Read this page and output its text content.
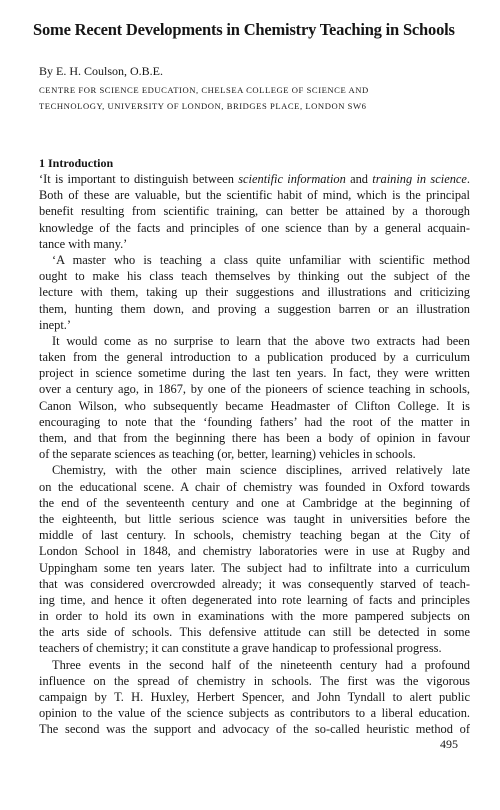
Some Recent Developments in Chemistry Teaching in Schools

By E. H. Coulson, O.B.E.

CENTRE FOR SCIENCE EDUCATION, CHELSEA COLLEGE OF SCIENCE AND
TECHNOLOGY, UNIVERSITY OF LONDON, BRIDGES PLACE, LONDON SW6
1 Introduction
‘It is important to distinguish between scientific information and training in science.
Both of these are valuable, but the scientific habit of mind, which is the principal
benefit resulting from scientific training, can better be attained by a thorough
knowledge of the facts and principles of one science than by a general acquain-
tance with many.’
‘A master who is teaching a class quite unfamiliar with scientific method
ought to make his class teach themselves by thinking out the subject of the
lecture with them, taking up their suggestions and illustrations and criticizing
them, hunting them down, and proving a suggestion barren or an illustration
inept.’
It would come as no surprise to learn that the above two extracts had been
taken from the general introduction to a publication produced by a curriculum
project in science sometime during the last ten years. In fact, they were written
over a century ago, in 1867, by one of the pioneers of science teaching in schools,
Canon Wilson, who subsequently became Headmaster of Clifton College. It is
encouraging to note that the ‘founding fathers’ had the root of the matter in
them, and that from the beginning there has been a body of opinion in favour
of the separate sciences as teaching (or, better, learning) vehicles in schools.
Chemistry, with the other main science disciplines, arrived relatively late
on the educational scene. A chair of chemistry was founded in Oxford towards
the end of the seventeenth century and one at Cambridge at the beginning of
the eighteenth, but little serious science was taught in universities before the
middle of last century. In schools, chemistry teaching began at the City of
London School in 1848, and chemistry laboratories were in use at Rugby and
Uppingham some ten years later. The subject had to infiltrate into a curriculum
that was considered overcrowded already; it was consequently starved of teach-
ing time, and hence it often degenerated into rote learning of facts and principles
in order to hold its own in examinations with the more pampered subjects on
the arts side of schools. This defensive attitude can still be detected in some
teachers of chemistry; it can constitute a grave handicap to professional progress.
Three events in the second half of the nineteenth century had a profound
influence on the spread of chemistry in schools. The first was the vigorous
campaign by T. H. Huxley, Herbert Spencer, and John Tyndall to alert public
opinion to the value of the science subjects as contributors to a liberal education.
The second was the support and advocacy of the so-called heuristic method of
495
